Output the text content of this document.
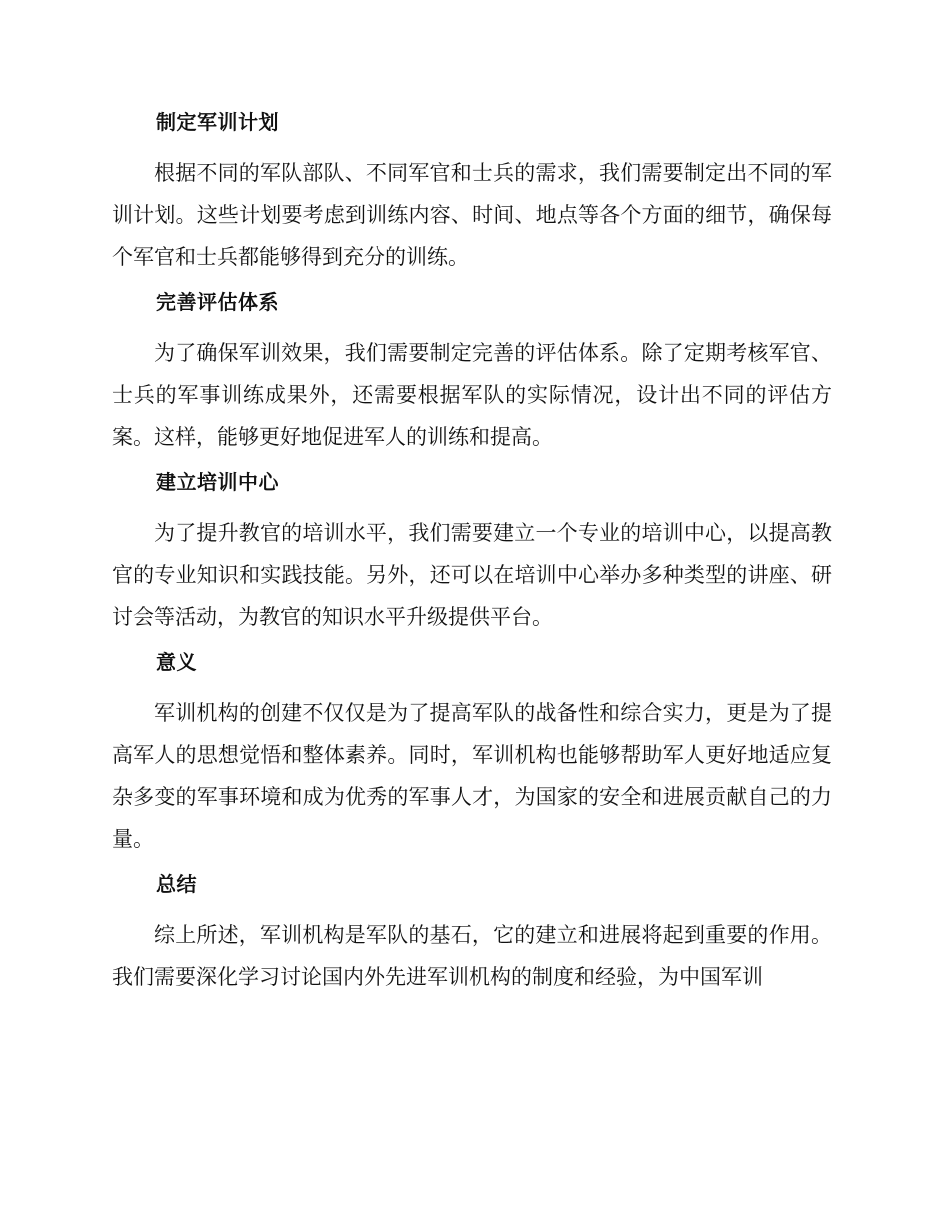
制定军训计划

根据不同的军队部队、不同军官和士兵的需求，我们需要制定出不同的军训计划。这些计划要考虑到训练内容、时间、地点等各个方面的细节，确保每个军官和士兵都能够得到充分的训练。

完善评估体系

为了确保军训效果，我们需要制定完善的评估体系。除了定期考核军官、士兵的军事训练成果外，还需要根据军队的实际情况，设计出不同的评估方案。这样，能够更好地促进军人的训练和提高。

建立培训中心

为了提升教官的培训水平，我们需要建立一个专业的培训中心，以提高教官的专业知识和实践技能。另外，还可以在培训中心举办多种类型的讲座、研讨会等活动，为教官的知识水平升级提供平台。

意义

军训机构的创建不仅仅是为了提高军队的战备性和综合实力，更是为了提高军人的思想觉悟和整体素养。同时，军训机构也能够帮助军人更好地适应复杂多变的军事环境和成为优秀的军事人才，为国家的安全和进展贡献自己的力量。

总结

综上所述，军训机构是军队的基石，它的建立和进展将起到重要的作用。我们需要深化学习讨论国内外先进军训机构的制度和经验，为中国军训
